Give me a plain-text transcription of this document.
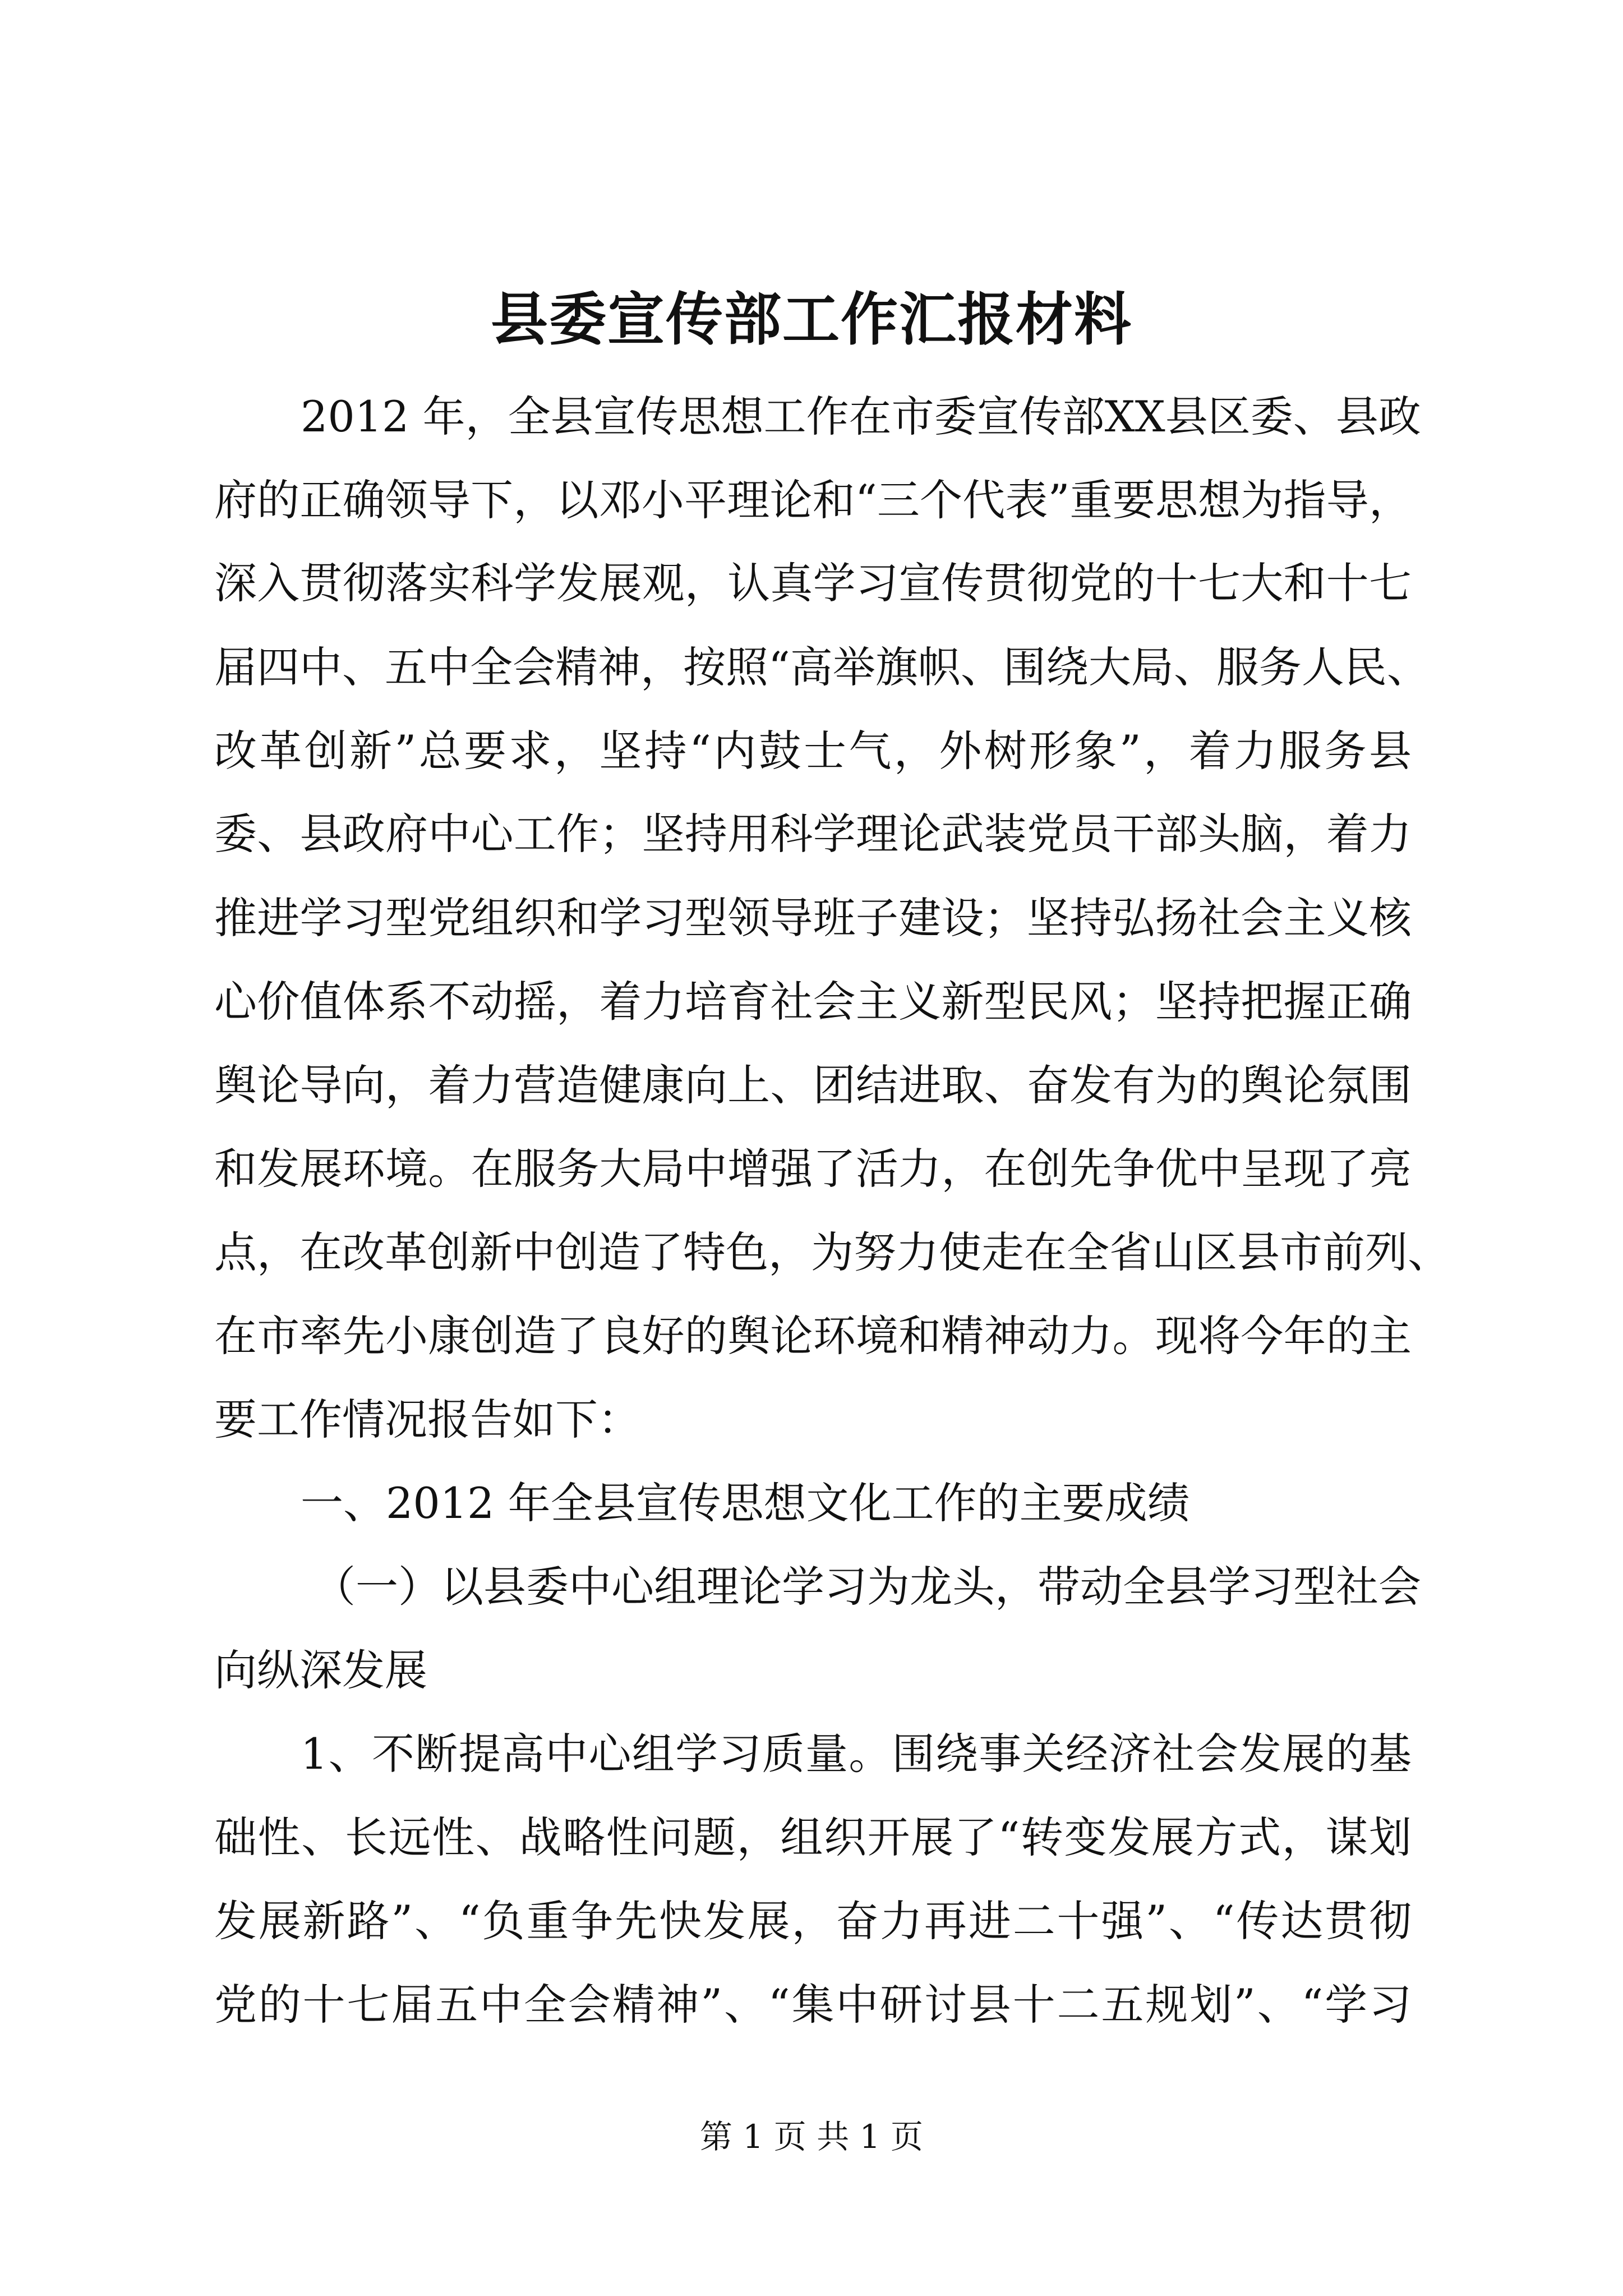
县委宣传部工作汇报材料

2012 年，全县宣传思想工作在市委宣传部XX县区委、县政

府的正确领导下，以邓小平理论和“三个代表”重要思想为指导，

深入贯彻落实科学发展观，认真学习宣传贯彻党的十七大和十七

届四中、五中全会精神，按照“高举旗帜、围绕大局、服务人民、

改革创新”总要求，坚持“内鼓士气，外树形象”，着力服务县

委、县政府中心工作；坚持用科学理论武装党员干部头脑，着力

推进学习型党组织和学习型领导班子建设；坚持弘扬社会主义核

心价值体系不动摇，着力培育社会主义新型民风；坚持把握正确

舆论导向，着力营造健康向上、团结进取、奋发有为的舆论氛围

和发展环境。在服务大局中增强了活力，在创先争优中呈现了亮

点，在改革创新中创造了特色，为努力使走在全省山区县市前列、

在市率先小康创造了良好的舆论环境和精神动力。现将今年的主

要工作情况报告如下：

一、2012 年全县宣传思想文化工作的主要成绩

（一）以县委中心组理论学习为龙头，带动全县学习型社会

向纵深发展

1、不断提高中心组学习质量。围绕事关经济社会发展的基

础性、长远性、战略性问题，组织开展了“转变发展方式，谋划

发展新路”、“负重争先快发展，奋力再进二十强”、“传达贯彻

党的十七届五中全会精神”、“集中研讨县十二五规划”、“学习

第 1 页 共 1 页
